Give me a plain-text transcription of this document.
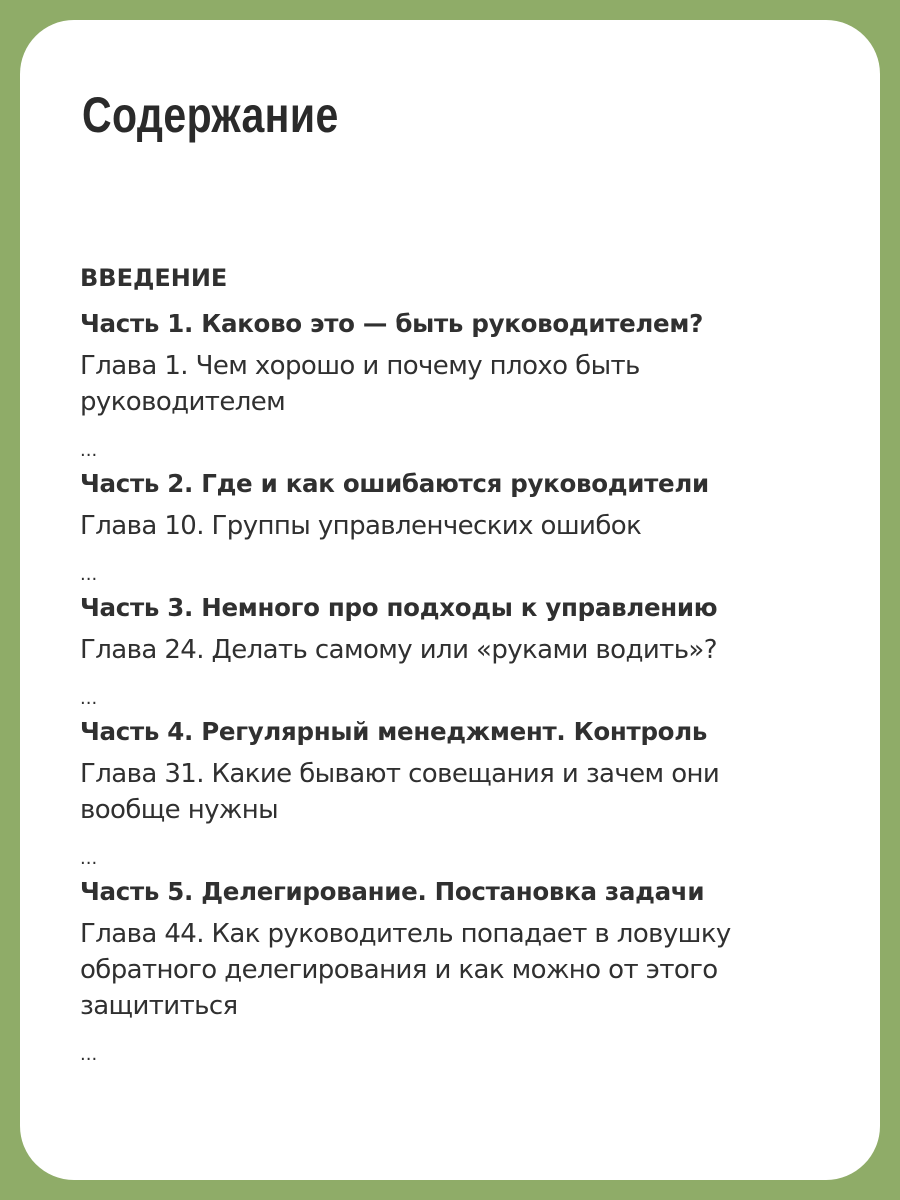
Содержание
ВВЕДЕНИЕ
Часть 1. Каково это — быть руководителем?
Глава 1. Чем хорошо и почему плохо быть руководителем
...
Часть 2. Где и как ошибаются руководители
Глава 10. Группы управленческих ошибок
...
Часть 3. Немного про подходы к управлению
Глава 24. Делать самому или «руками водить»?
...
Часть 4. Регулярный менеджмент. Контроль
Глава 31. Какие бывают совещания и зачем они вообще нужны
...
Часть 5. Делегирование. Постановка задачи
Глава 44. Как руководитель попадает в ловушку обратного делегирования и как можно от этого защититься
...
